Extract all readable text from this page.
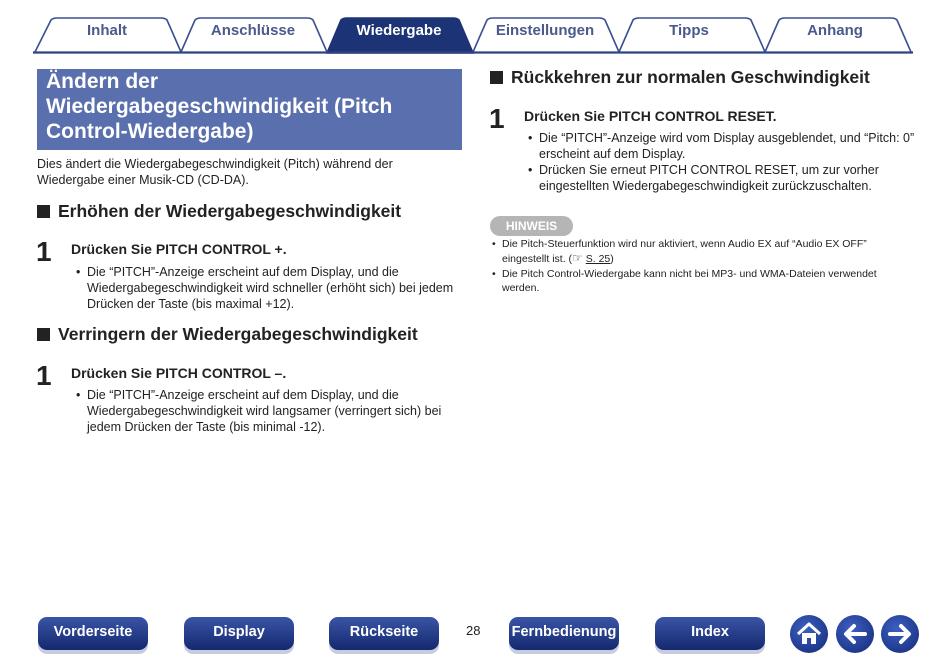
Inhalt	Anschlüsse	Wiedergabe	Einstellungen	Tipps	Anhang
Ändern der
Wiedergabegeschwindigkeit (Pitch
Control-Wiedergabe)

Dies ändert die Wiedergabegeschwindigkeit (Pitch) während der Wiedergabe einer Musik-CD (CD-DA).

Erhöhen der Wiedergabegeschwindigkeit
1 Drücken Sie PITCH CONTROL +.
• Die “PITCH”-Anzeige erscheint auf dem Display, und die Wiedergabegeschwindigkeit wird schneller (erhöht sich) bei jedem Drücken der Taste (bis maximal +12).
Verringern der Wiedergabegeschwindigkeit
1 Drücken Sie PITCH CONTROL –.
• Die “PITCH”-Anzeige erscheint auf dem Display, und die Wiedergabegeschwindigkeit wird langsamer (verringert sich) bei jedem Drücken der Taste (bis minimal -12).
Rückkehren zur normalen Geschwindigkeit
1 Drücken Sie PITCH CONTROL RESET.
• Die “PITCH”-Anzeige wird vom Display ausgeblendet, und “Pitch: 0” erscheint auf dem Display.
• Drücken Sie erneut PITCH CONTROL RESET, um zur vorher eingestellten Wiedergabegeschwindigkeit zurückzuschalten.
HINWEIS
• Die Pitch-Steuerfunktion wird nur aktiviert, wenn Audio EX auf “Audio EX OFF” eingestellt ist. (☞ S. 25)
• Die Pitch Control-Wiedergabe kann nicht bei MP3- und WMA-Dateien verwendet werden.
Vorderseite	Display	Rückseite	28 Fernbedienung	Index
